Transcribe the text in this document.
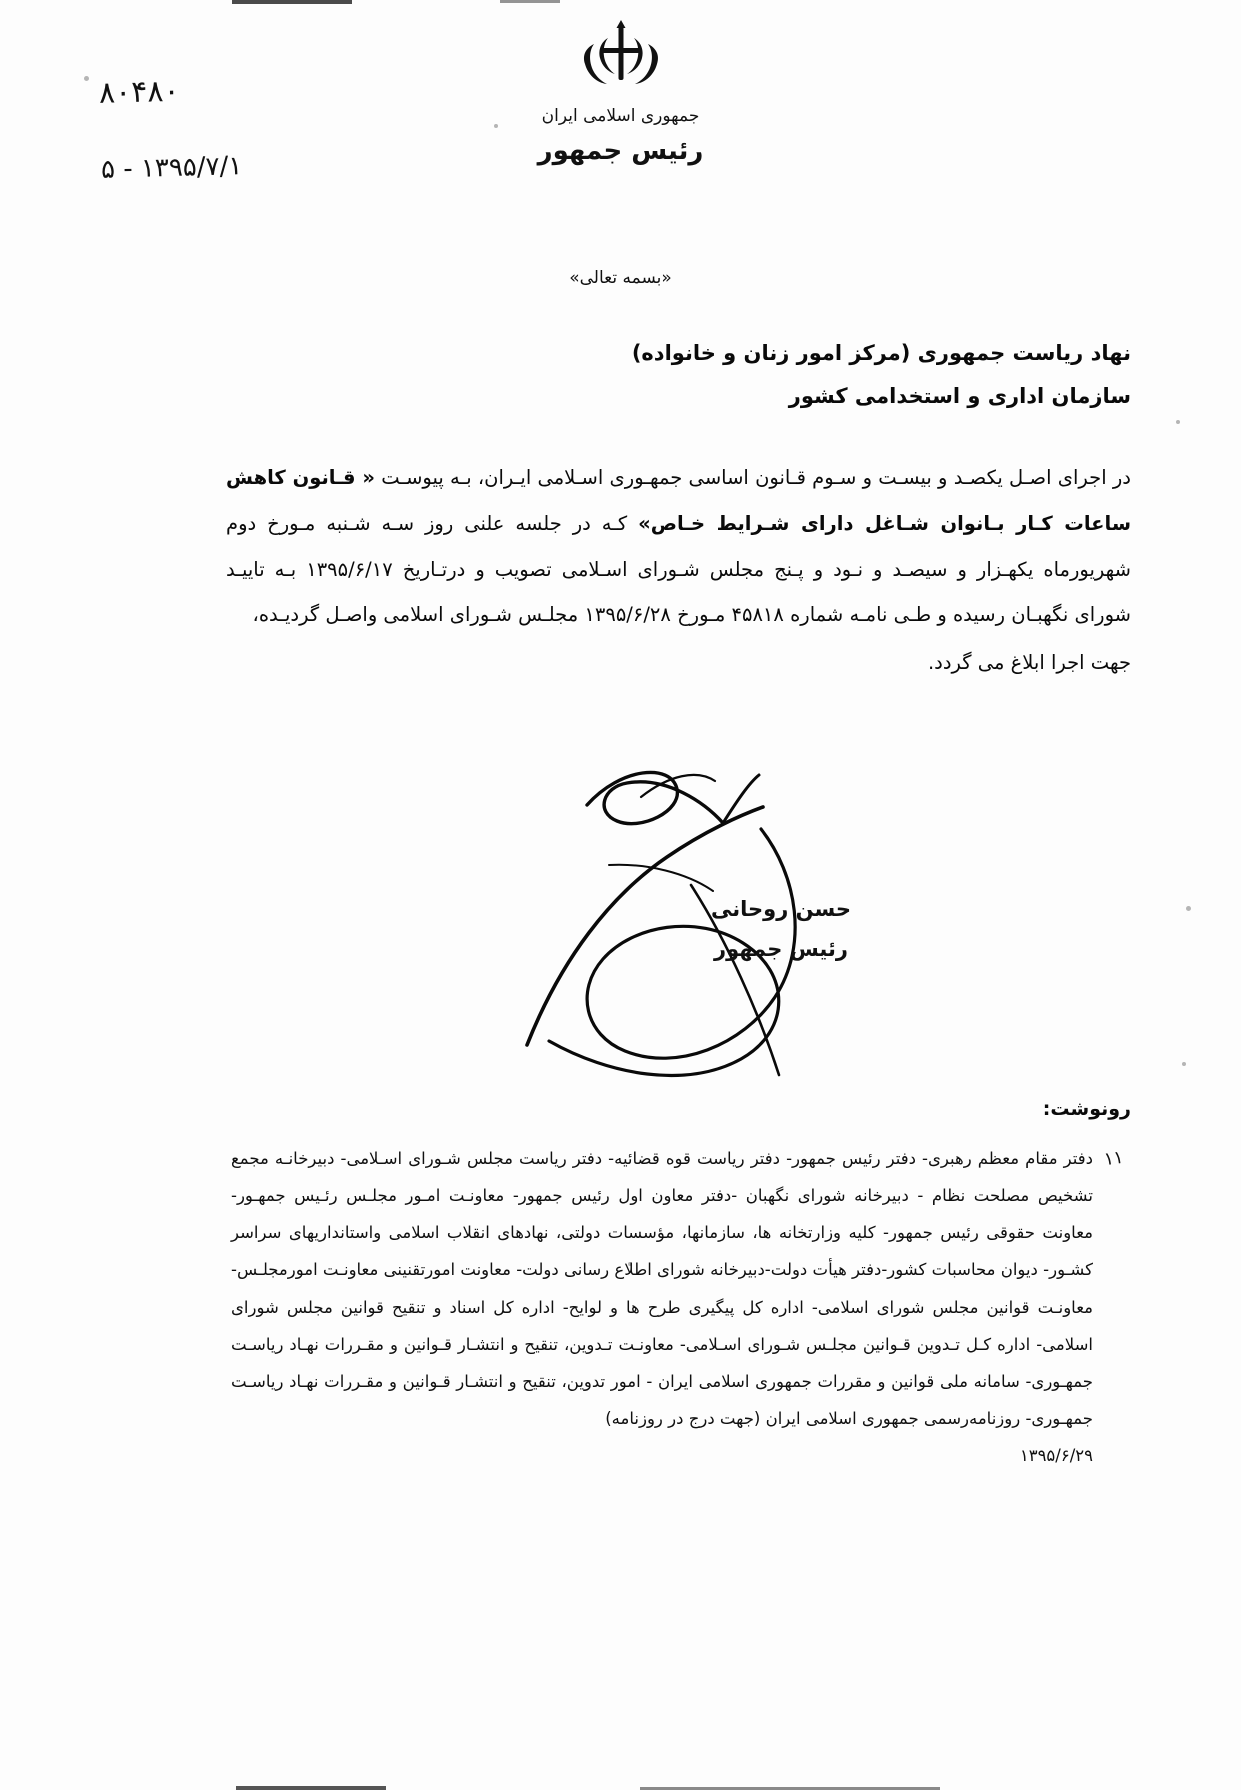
جمهوری اسلامی ایران
رئیس جمهور
۸۰۴۸۰
۱۳۹۵/۷/۱ - ۵
«بسمه تعالی»
نهاد ریاست جمهوری (مرکز امور زنان و خانواده)
سازمان اداری و استخدامی کشور

در اجرای اصـل یکصـد و بیسـت و سـوم قـانون اساسی جمهـوری اسـلامی ایـران، بـه پیوسـت « قـانون کاهش ساعات کـار بـانوان شـاغل دارای شـرایط خـاص» کـه در جلسه علنی روز سـه شـنبه مـورخ دوم شهریورماه یکهـزار و سیصـد و نـود و پـنج مجلس شـورای اسـلامی تصویب و درتـاریخ ۱۳۹۵/۶/۱۷ بـه تاییـد شورای نگهبـان رسیده و طـی نامـه شماره ۴۵۸۱۸ مـورخ ۱۳۹۵/۶/۲۸ مجلـس شـورای اسلامی واصـل گردیـده،

جهت اجرا ابلاغ می گردد.

حسن روحانی
رئیس جمهور
رونوشت:
۱۱
دفتر مقام معظم رهبری- دفتر رئیس جمهور- دفتر ریاست قوه قضائیه- دفتر ریاست مجلس شـورای اسـلامی- دبیرخانـه مجمع تشخیص مصلحت نظام - دبیرخانه شورای نگهبان -دفتر معاون اول رئیس جمهور- معاونـت امـور مجلـس رئـیس جمهـور- معاونت حقوقی رئیس جمهور- کلیه وزارتخانه ها، سازمانها، مؤسسات دولتی، نهادهای انقلاب اسلامی واستانداریهای سراسر کشـور- دیوان محاسبات کشور-دفتر هیأت دولت-دبیرخانه شورای اطلاع رسانی دولت- معاونت امورتقنینی معاونـت امورمجلـس- معاونـت قوانین مجلس شورای اسلامی- اداره کل پیگیری طرح ها و لوایح- اداره کل اسناد و تنقیح قوانین مجلس شورای اسلامی- اداره کـل تـدوین قـوانین مجلـس شـورای اسـلامی- معاونـت تـدوین، تنقیح و انتشـار قـوانین و مقـررات نهـاد ریاسـت جمهـوری- سامانه ملی قوانین و مقررات جمهوری اسلامی ایران - امور تدوین، تنقیح و انتشـار قـوانین و مقـررات نهـاد ریاسـت جمهـوری- روزنامه‌رسمی جمهوری اسلامی ایران (جهت درج در روزنامه)
۱۳۹۵/۶/۲۹
